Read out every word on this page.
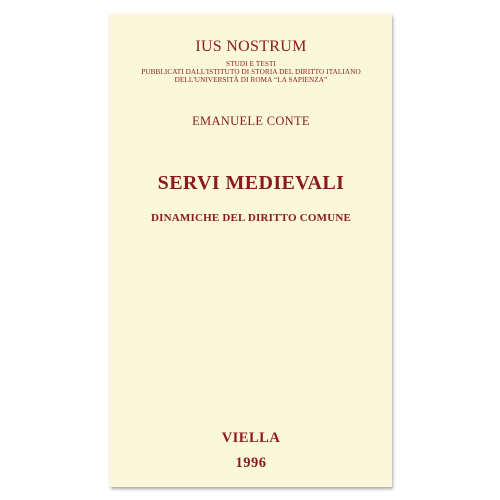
IUS NOSTRUM
STUDI E TESTI
PUBBLICATI DALL'ISTITUTO DI STORIA DEL DIRITTO ITALIANO
DELL'UNIVERSITÀ DI ROMA “LA SAPIENZA”
EMANUELE CONTE
SERVI MEDIEVALI
DINAMICHE DEL DIRITTO COMUNE
VIELLA
1996
